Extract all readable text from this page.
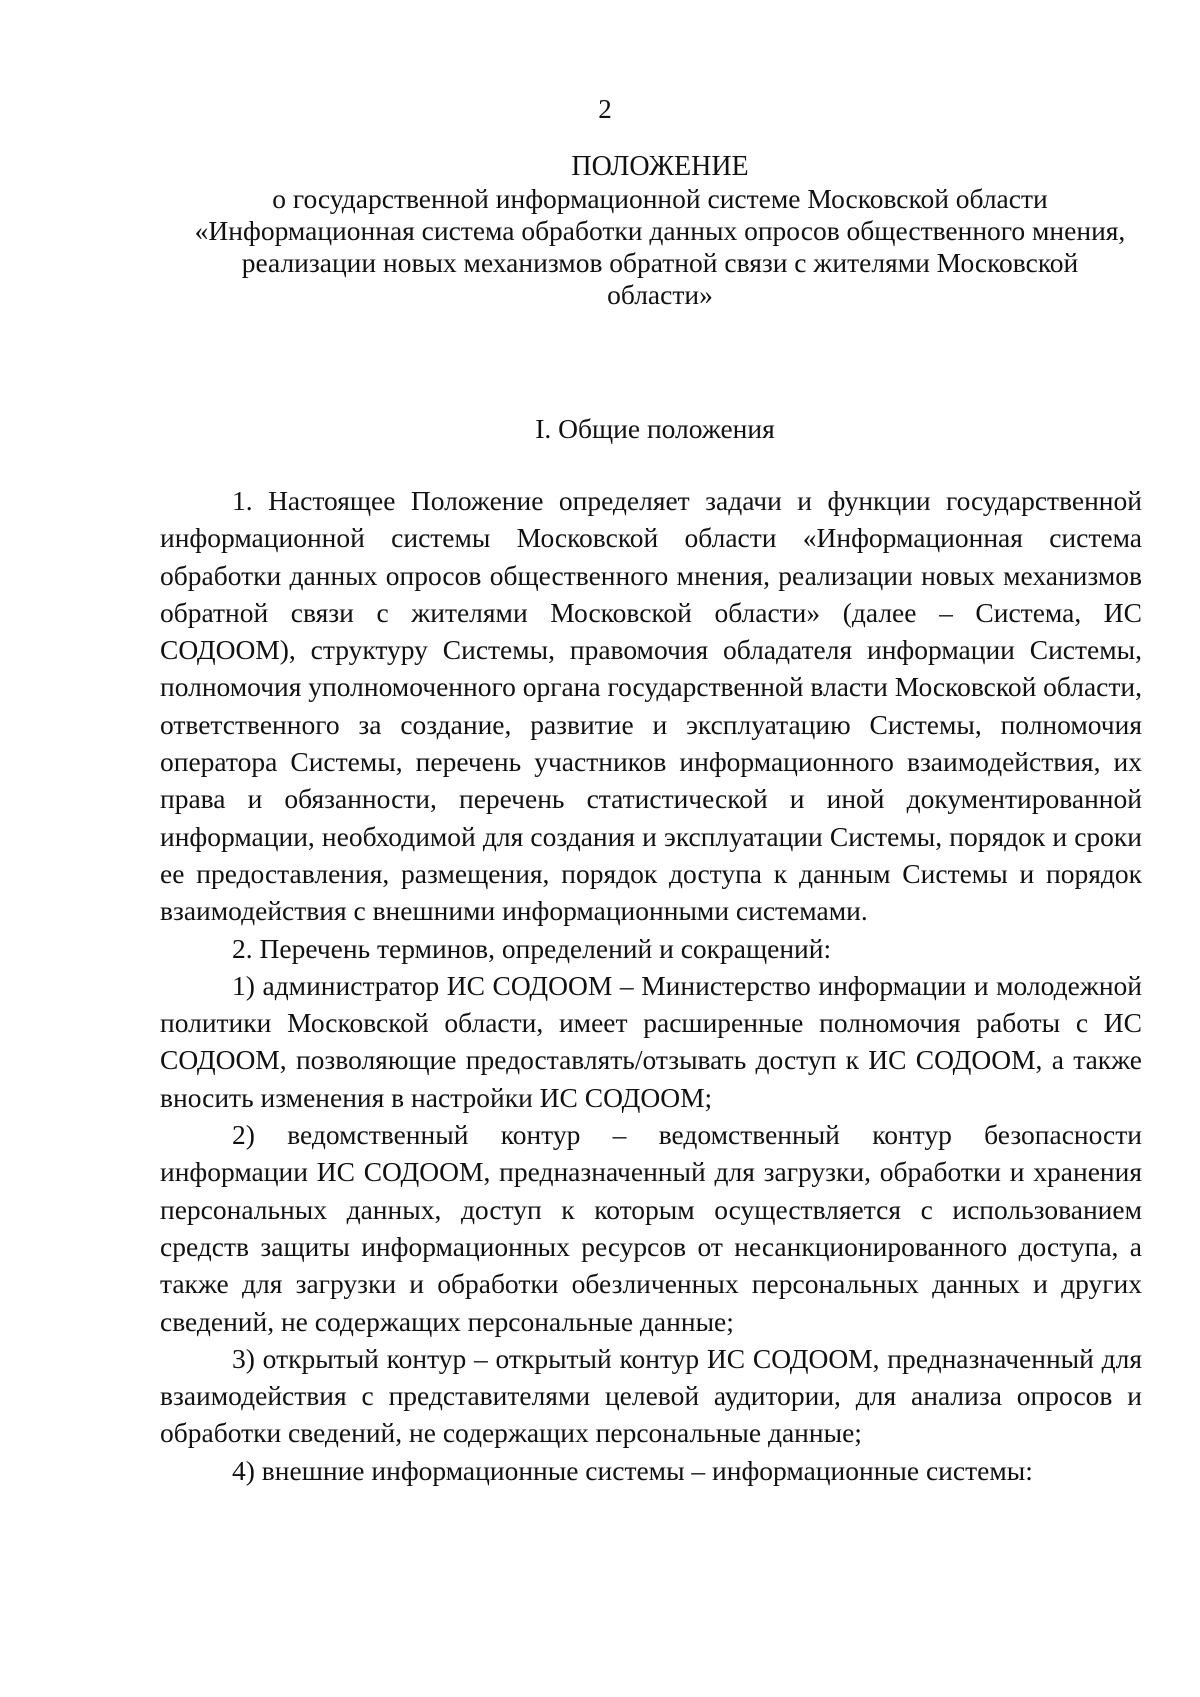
2
ПОЛОЖЕНИЕ
о государственной информационной системе Московской области
«Информационная система обработки данных опросов общественного мнения,
реализации новых механизмов обратной связи с жителями Московской
области»
I. Общие положения

1. Настоящее Положение определяет задачи и функции государственной информационной системы Московской области «Информационная система обработки данных опросов общественного мнения, реализации новых механизмов обратной связи с жителями Московской области» (далее – Система, ИС СОДООМ), структуру Системы, правомочия обладателя информации Системы, полномочия уполномоченного органа государственной власти Московской области, ответственного за создание, развитие и эксплуатацию Системы, полномочия оператора Системы, перечень участников информационного взаимодействия, их права и обязанности, перечень статистической и иной документированной информации, необходимой для создания и эксплуатации Системы, порядок и сроки ее предоставления, размещения, порядок доступа к данным Системы и порядок взаимодействия с внешними информационными системами.

2. Перечень терминов, определений и сокращений:

1) администратор ИС СОДООМ – Министерство информации и молодежной политики Московской области, имеет расширенные полномочия работы с ИС СОДООМ, позволяющие предоставлять/отзывать доступ к ИС СОДООМ, а также вносить изменения в настройки ИС СОДООМ;

2) ведомственный контур – ведомственный контур безопасности информации ИС СОДООМ, предназначенный для загрузки, обработки и хранения персональных данных, доступ к которым осуществляется с использованием средств защиты информационных ресурсов от несанкционированного доступа, а также для загрузки и обработки обезличенных персональных данных и других сведений, не содержащих персональные данные;

3) открытый контур – открытый контур ИС СОДООМ, предназначенный для взаимодействия с представителями целевой аудитории, для анализа опросов и обработки сведений, не содержащих персональные данные;

4) внешние информационные системы – информационные системы:
